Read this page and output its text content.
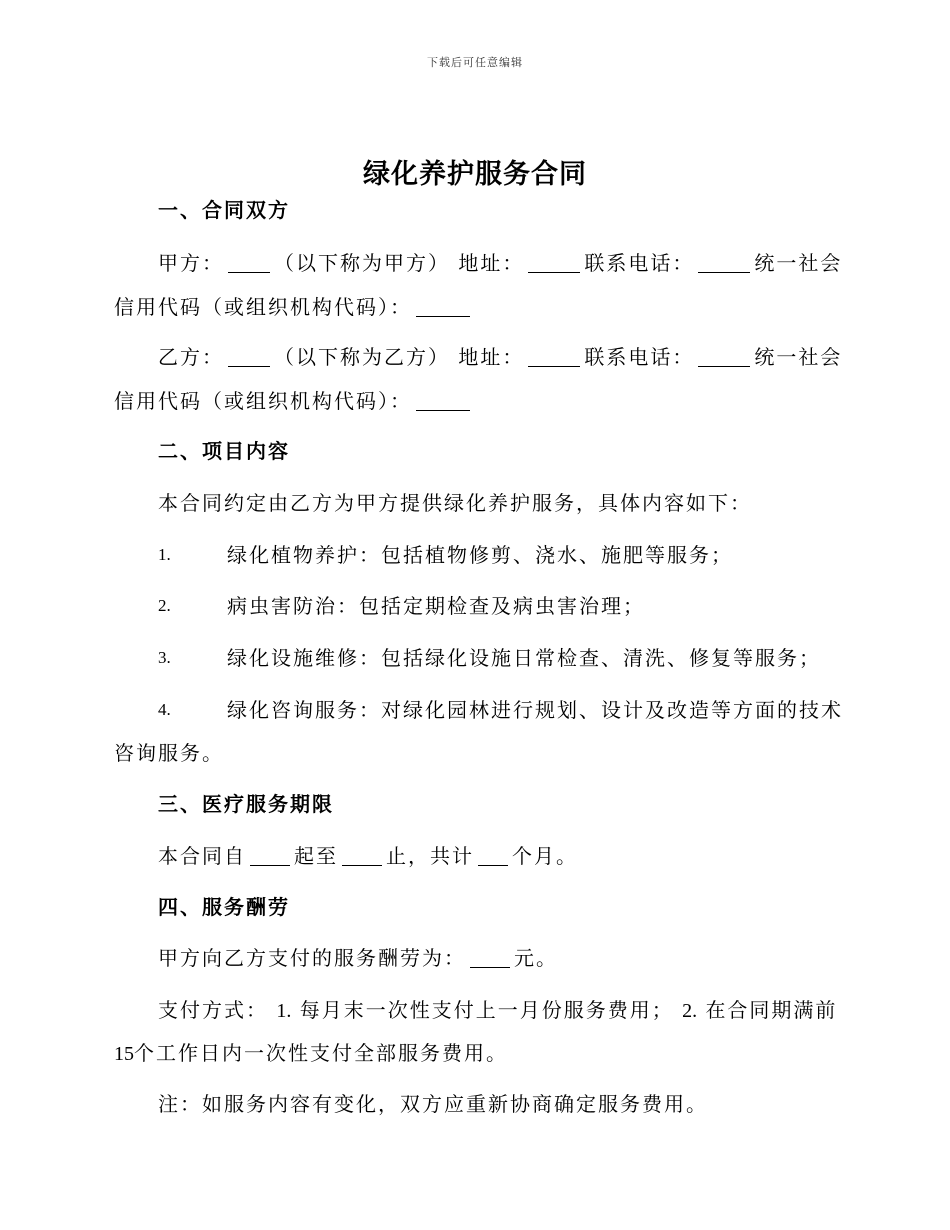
下载后可任意编辑
绿化养护服务合同
一、合同双方
甲方：	（以下称为甲方） 地址：	联系电话：	统一社会
信用代码（或组织机构代码）：
乙方：	（以下称为乙方） 地址：	联系电话：	统一社会
信用代码（或组织机构代码）：
二、项目内容
本合同约定由乙方为甲方提供绿化养护服务，具体内容如下：
1.	绿化植物养护：包括植物修剪、浇水、施肥等服务；
2.	病虫害防治：包括定期检查及病虫害治理；
3.	绿化设施维修：包括绿化设施日常检查、清洗、修复等服务；
4.	绿化咨询服务：对绿化园林进行规划、设计及改造等方面的技术
咨询服务。
三、医疗服务期限
本合同自 起至 止，共计 个月。
四、服务酬劳
甲方向乙方支付的服务酬劳为： 元。
支付方式： 1. 每月末一次性支付上一月份服务费用； 2. 在合同期满前
15个工作日内一次性支付全部服务费用。
注：如服务内容有变化，双方应重新协商确定服务费用。
